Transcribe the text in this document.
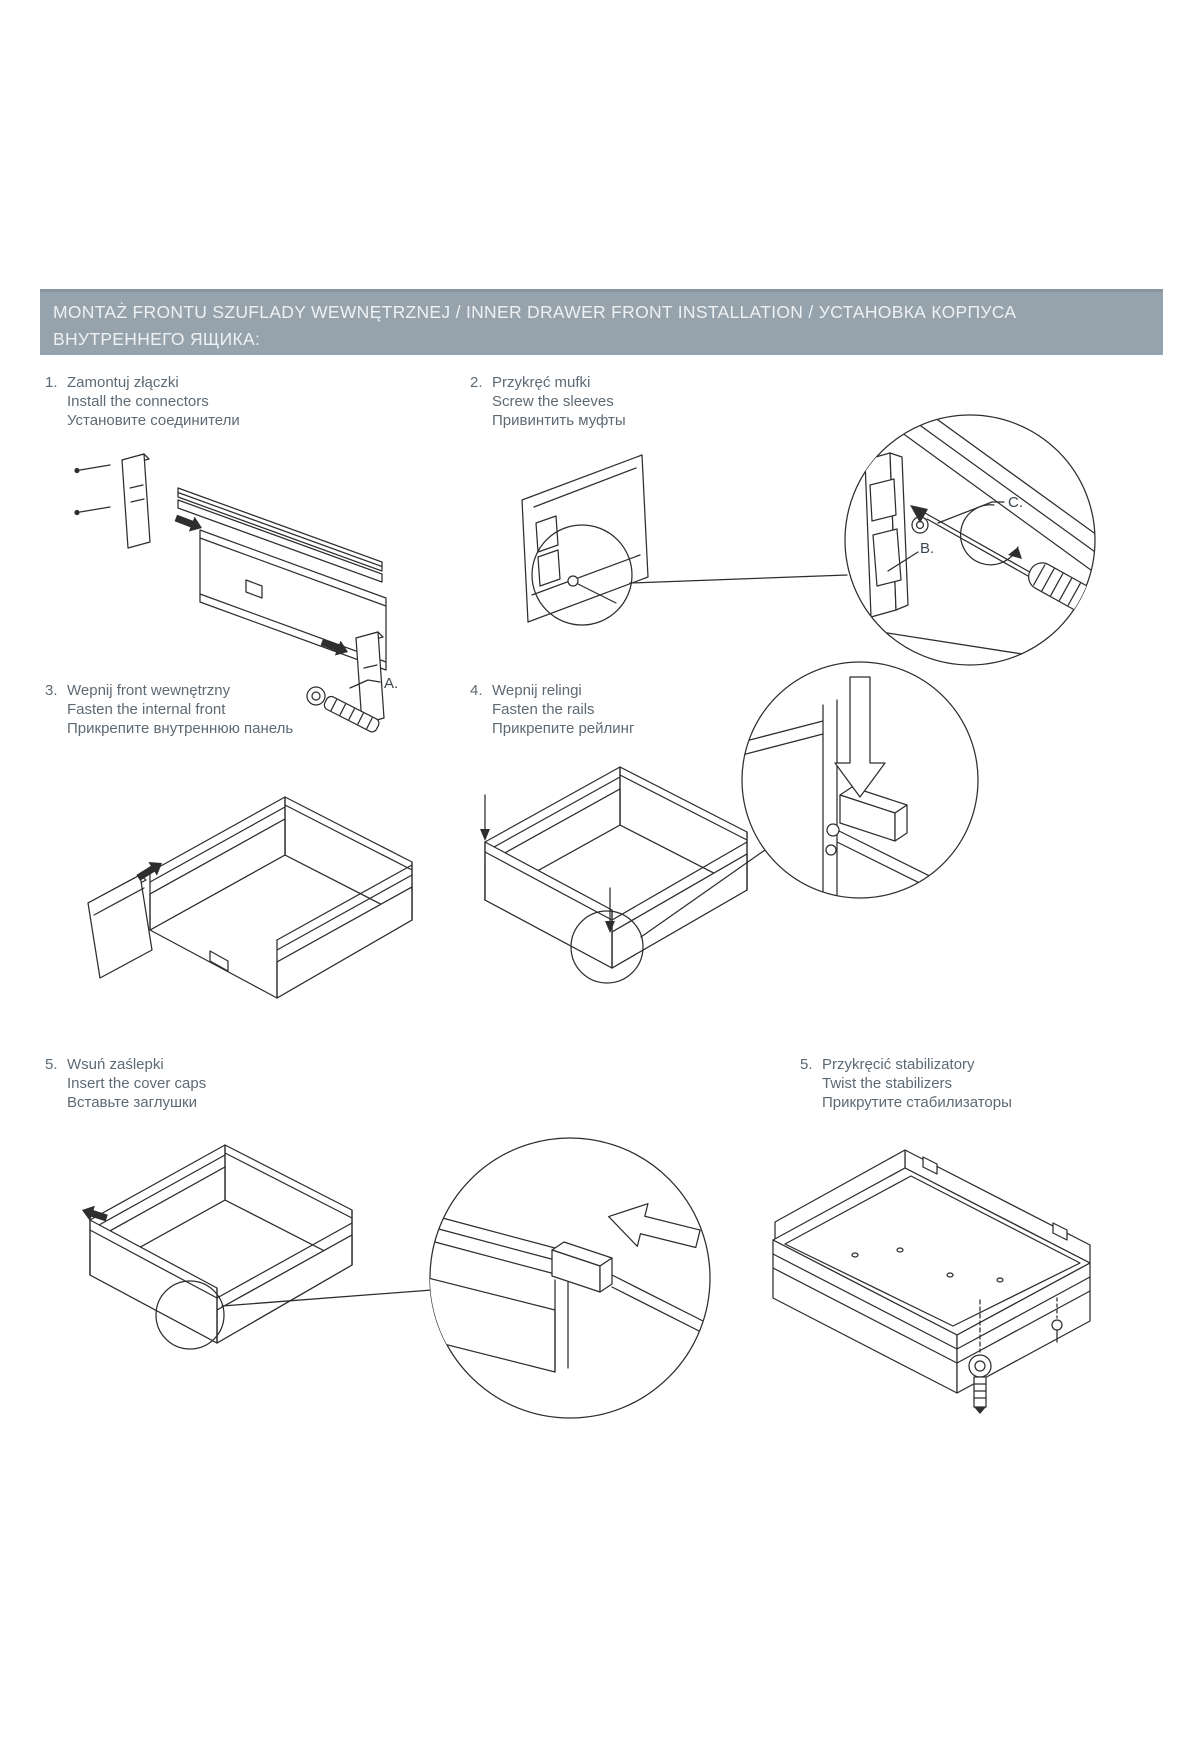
MONTAŻ FRONTU SZUFLADY WEWNĘTRZNEJ / INNER DRAWER FRONT INSTALLATION / УСТАНОВКА КОРПУСА
ВНУТРЕННЕГО ЯЩИКА:
1. Zamontuj złączki
Install the connectors
Установите соединители
2. Przykręć mufki
Screw the sleeves
Привинтить муфты
3. Wepnij front wewnętrzny
Fasten the internal front
Прикрепите внутреннюю панель
4. Wepnij relingi
Fasten the rails
Прикрепите рейлинг
5. Wsuń zaślepki
Insert the cover caps
Вставьте заглушки
5. Przykręcić stabilizatory
Twist the stabilizers
Прикрутите стабилизаторы
A.
C.
B.
